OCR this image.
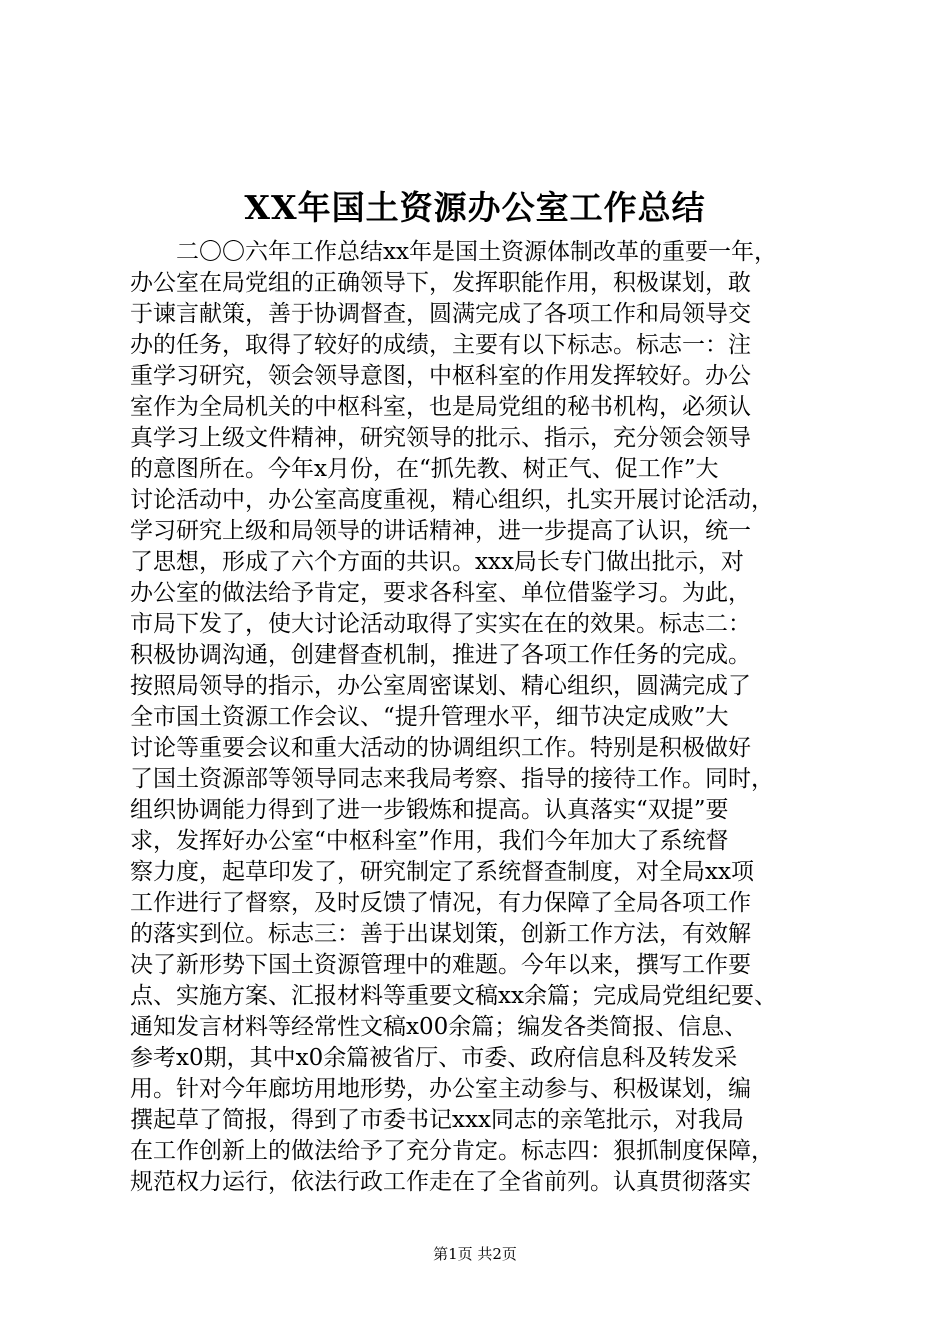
XX年国土资源办公室工作总结
二〇〇六年工作总结xx年是国土资源体制改革的重要一年，
办公室在局党组的正确领导下，发挥职能作用，积极谋划，敢
于谏言献策，善于协调督查，圆满完成了各项工作和局领导交
办的任务，取得了较好的成绩，主要有以下标志。标志一：注
重学习研究，领会领导意图，中枢科室的作用发挥较好。办公
室作为全局机关的中枢科室，也是局党组的秘书机构，必须认
真学习上级文件精神，研究领导的批示、指示，充分领会领导
的意图所在。今年x月份，在“抓先教、树正气、促工作”大
讨论活动中，办公室高度重视，精心组织，扎实开展讨论活动，
学习研究上级和局领导的讲话精神，进一步提高了认识，统一
了思想，形成了六个方面的共识。xxx局长专门做出批示，对
办公室的做法给予肯定，要求各科室、单位借鉴学习。为此，
市局下发了，使大讨论活动取得了实实在在的效果。标志二：
积极协调沟通，创建督查机制，推进了各项工作任务的完成。
按照局领导的指示，办公室周密谋划、精心组织，圆满完成了
全市国土资源工作会议、“提升管理水平，细节决定成败”大
讨论等重要会议和重大活动的协调组织工作。特别是积极做好
了国土资源部等领导同志来我局考察、指导的接待工作。同时，
组织协调能力得到了进一步锻炼和提高。认真落实“双提”要
求，发挥好办公室“中枢科室”作用，我们今年加大了系统督
察力度，起草印发了，研究制定了系统督查制度，对全局xx项
工作进行了督察，及时反馈了情况，有力保障了全局各项工作
的落实到位。标志三：善于出谋划策，创新工作方法，有效解
决了新形势下国土资源管理中的难题。今年以来，撰写工作要
点、实施方案、汇报材料等重要文稿xx余篇；完成局党组纪要、
通知发言材料等经常性文稿x00余篇；编发各类简报、信息、
参考x0期，其中x0余篇被省厅、市委、政府信息科及转发采
用。针对今年廊坊用地形势，办公室主动参与、积极谋划，编
撰起草了简报，得到了市委书记xxx同志的亲笔批示，对我局
在工作创新上的做法给予了充分肯定。标志四：狠抓制度保障，
规范权力运行，依法行政工作走在了全省前列。认真贯彻落实
第1页 共2页
